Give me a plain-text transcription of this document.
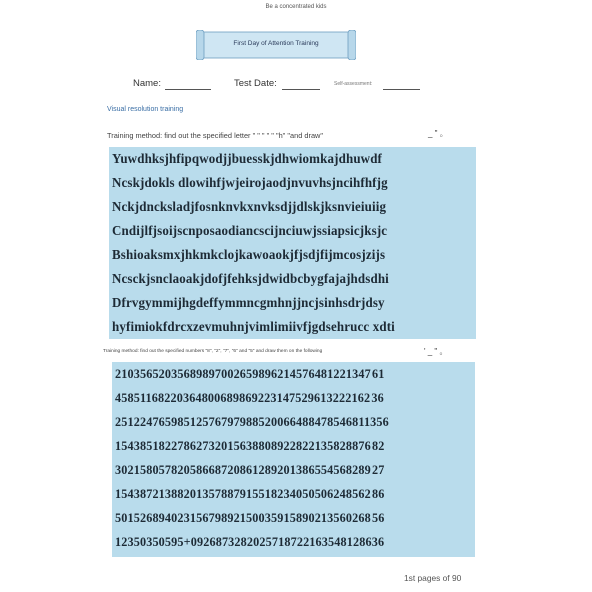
Be a concentrated kids
First Day of Attention Training
Name:	Test Date:	Self-assessment:
Visual resolution training
Training method: find out the specified letter " " " " " "h" "and draw"	_ " 。
Yuwdhksjhfipqwodjjbuesskjdhwiomkajdhuwdf
Ncskjdokls dlowihfjwjeirojaodjnvuvhsjncihfhfjg
Nckjdncksladjfosnknvkxnvksdjjdlskjksnvieiuiig
Cndijlfjsoijscnposaodiancscijnciuwjssiapsicjksjc
Bshioaksmxjhkmkclojkawoaokjfjsdjfijmcosjzijs
Ncsckjsnclaoakjdofjfehksjdwidbcbygfajajhdsdhi
Dfrvgymmijhgdeffymmncgmhnjjncjsinhsdrjdsy
hyfimiokfdrcxzevmuhnjvimlimiivfjgdsehrucc xdti
Training method: find out the specified numbers "8", "2", "7", "6" and "5" and draw them on the following	' _ " 。
21035652035689897002659896214576481221347 61
45851168220364800689869223147529613222162 36
25122476598512576797988520066488478546811356
15438518227862732015638808922822135828876 82
30215805782058668720861289201386554568289 27
15438721388201357887915518234050506248562 86
50152689402315679892150035915890213560268 56
12350350595+0926873282025718722163548128636
1st pages of 90
